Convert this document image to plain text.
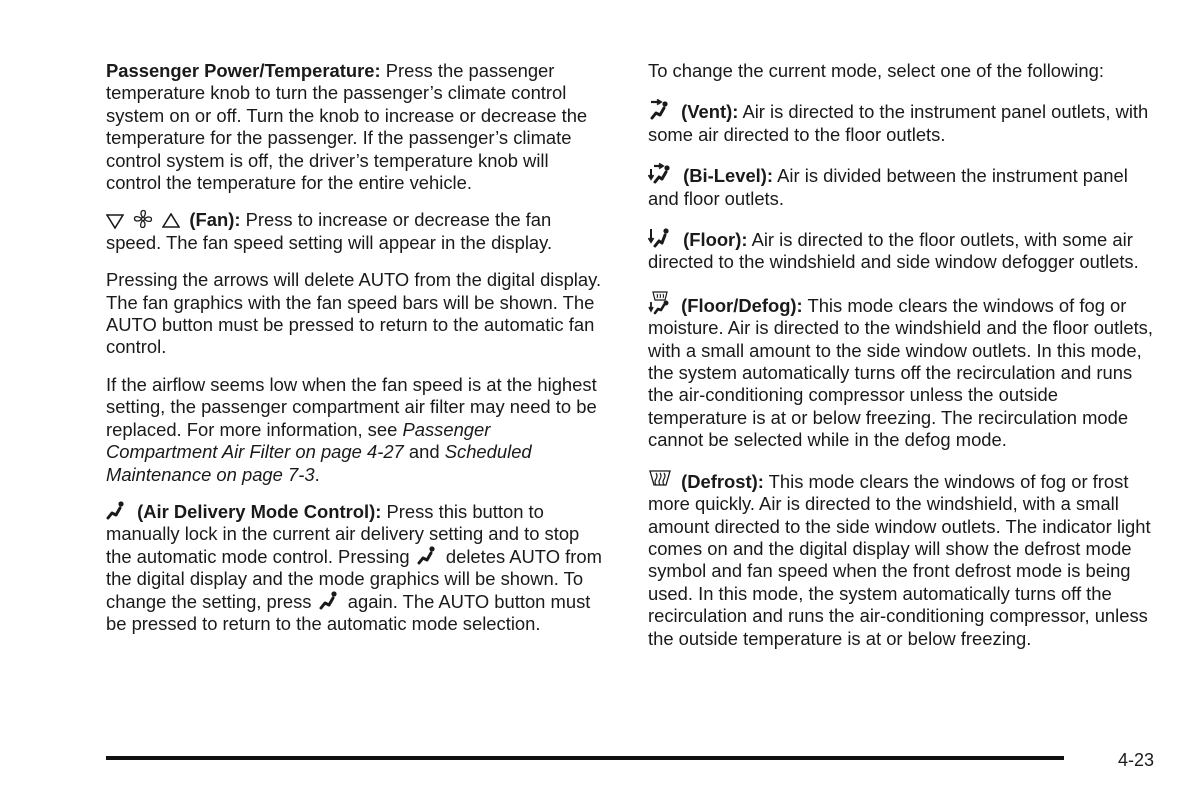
Passenger Power/Temperature: Press the passenger temperature knob to turn the passenger’s climate control system on or off. Turn the knob to increase or decrease the temperature for the passenger. If the passenger’s climate control system is off, the driver’s temperature knob will control the temperature for the entire vehicle.

(Fan): Press to increase or decrease the fan speed. The fan speed setting will appear in the display.

Pressing the arrows will delete AUTO from the digital display. The fan graphics with the fan speed bars will be shown. The AUTO button must be pressed to return to the automatic fan control.

If the airflow seems low when the fan speed is at the highest setting, the passenger compartment air filter may need to be replaced. For more information, see Passenger Compartment Air Filter on page 4-27 and Scheduled Maintenance on page 7-3.

(Air Delivery Mode Control): Press this button to manually lock in the current air delivery setting and to stop the automatic mode control. Pressing deletes AUTO from the digital display and the mode graphics will be shown. To change the setting, press again. The AUTO button must be pressed to return to the automatic mode selection.

To change the current mode, select one of the following:

(Vent): Air is directed to the instrument panel outlets, with some air directed to the floor outlets.

(Bi-Level): Air is divided between the instrument panel and floor outlets.

(Floor): Air is directed to the floor outlets, with some air directed to the windshield and side window defogger outlets.

(Floor/Defog): This mode clears the windows of fog or moisture. Air is directed to the windshield and the floor outlets, with a small amount to the side window outlets. In this mode, the system automatically turns off the recirculation and runs the air-conditioning compressor unless the outside temperature is at or below freezing. The recirculation mode cannot be selected while in the defog mode.

(Defrost): This mode clears the windows of fog or frost more quickly. Air is directed to the windshield, with a small amount directed to the side window outlets. The indicator light comes on and the digital display will show the defrost mode symbol and fan speed when the front defrost mode is being used. In this mode, the system automatically turns off the recirculation and runs the air-conditioning compressor, unless the outside temperature is at or below freezing.

4-23
